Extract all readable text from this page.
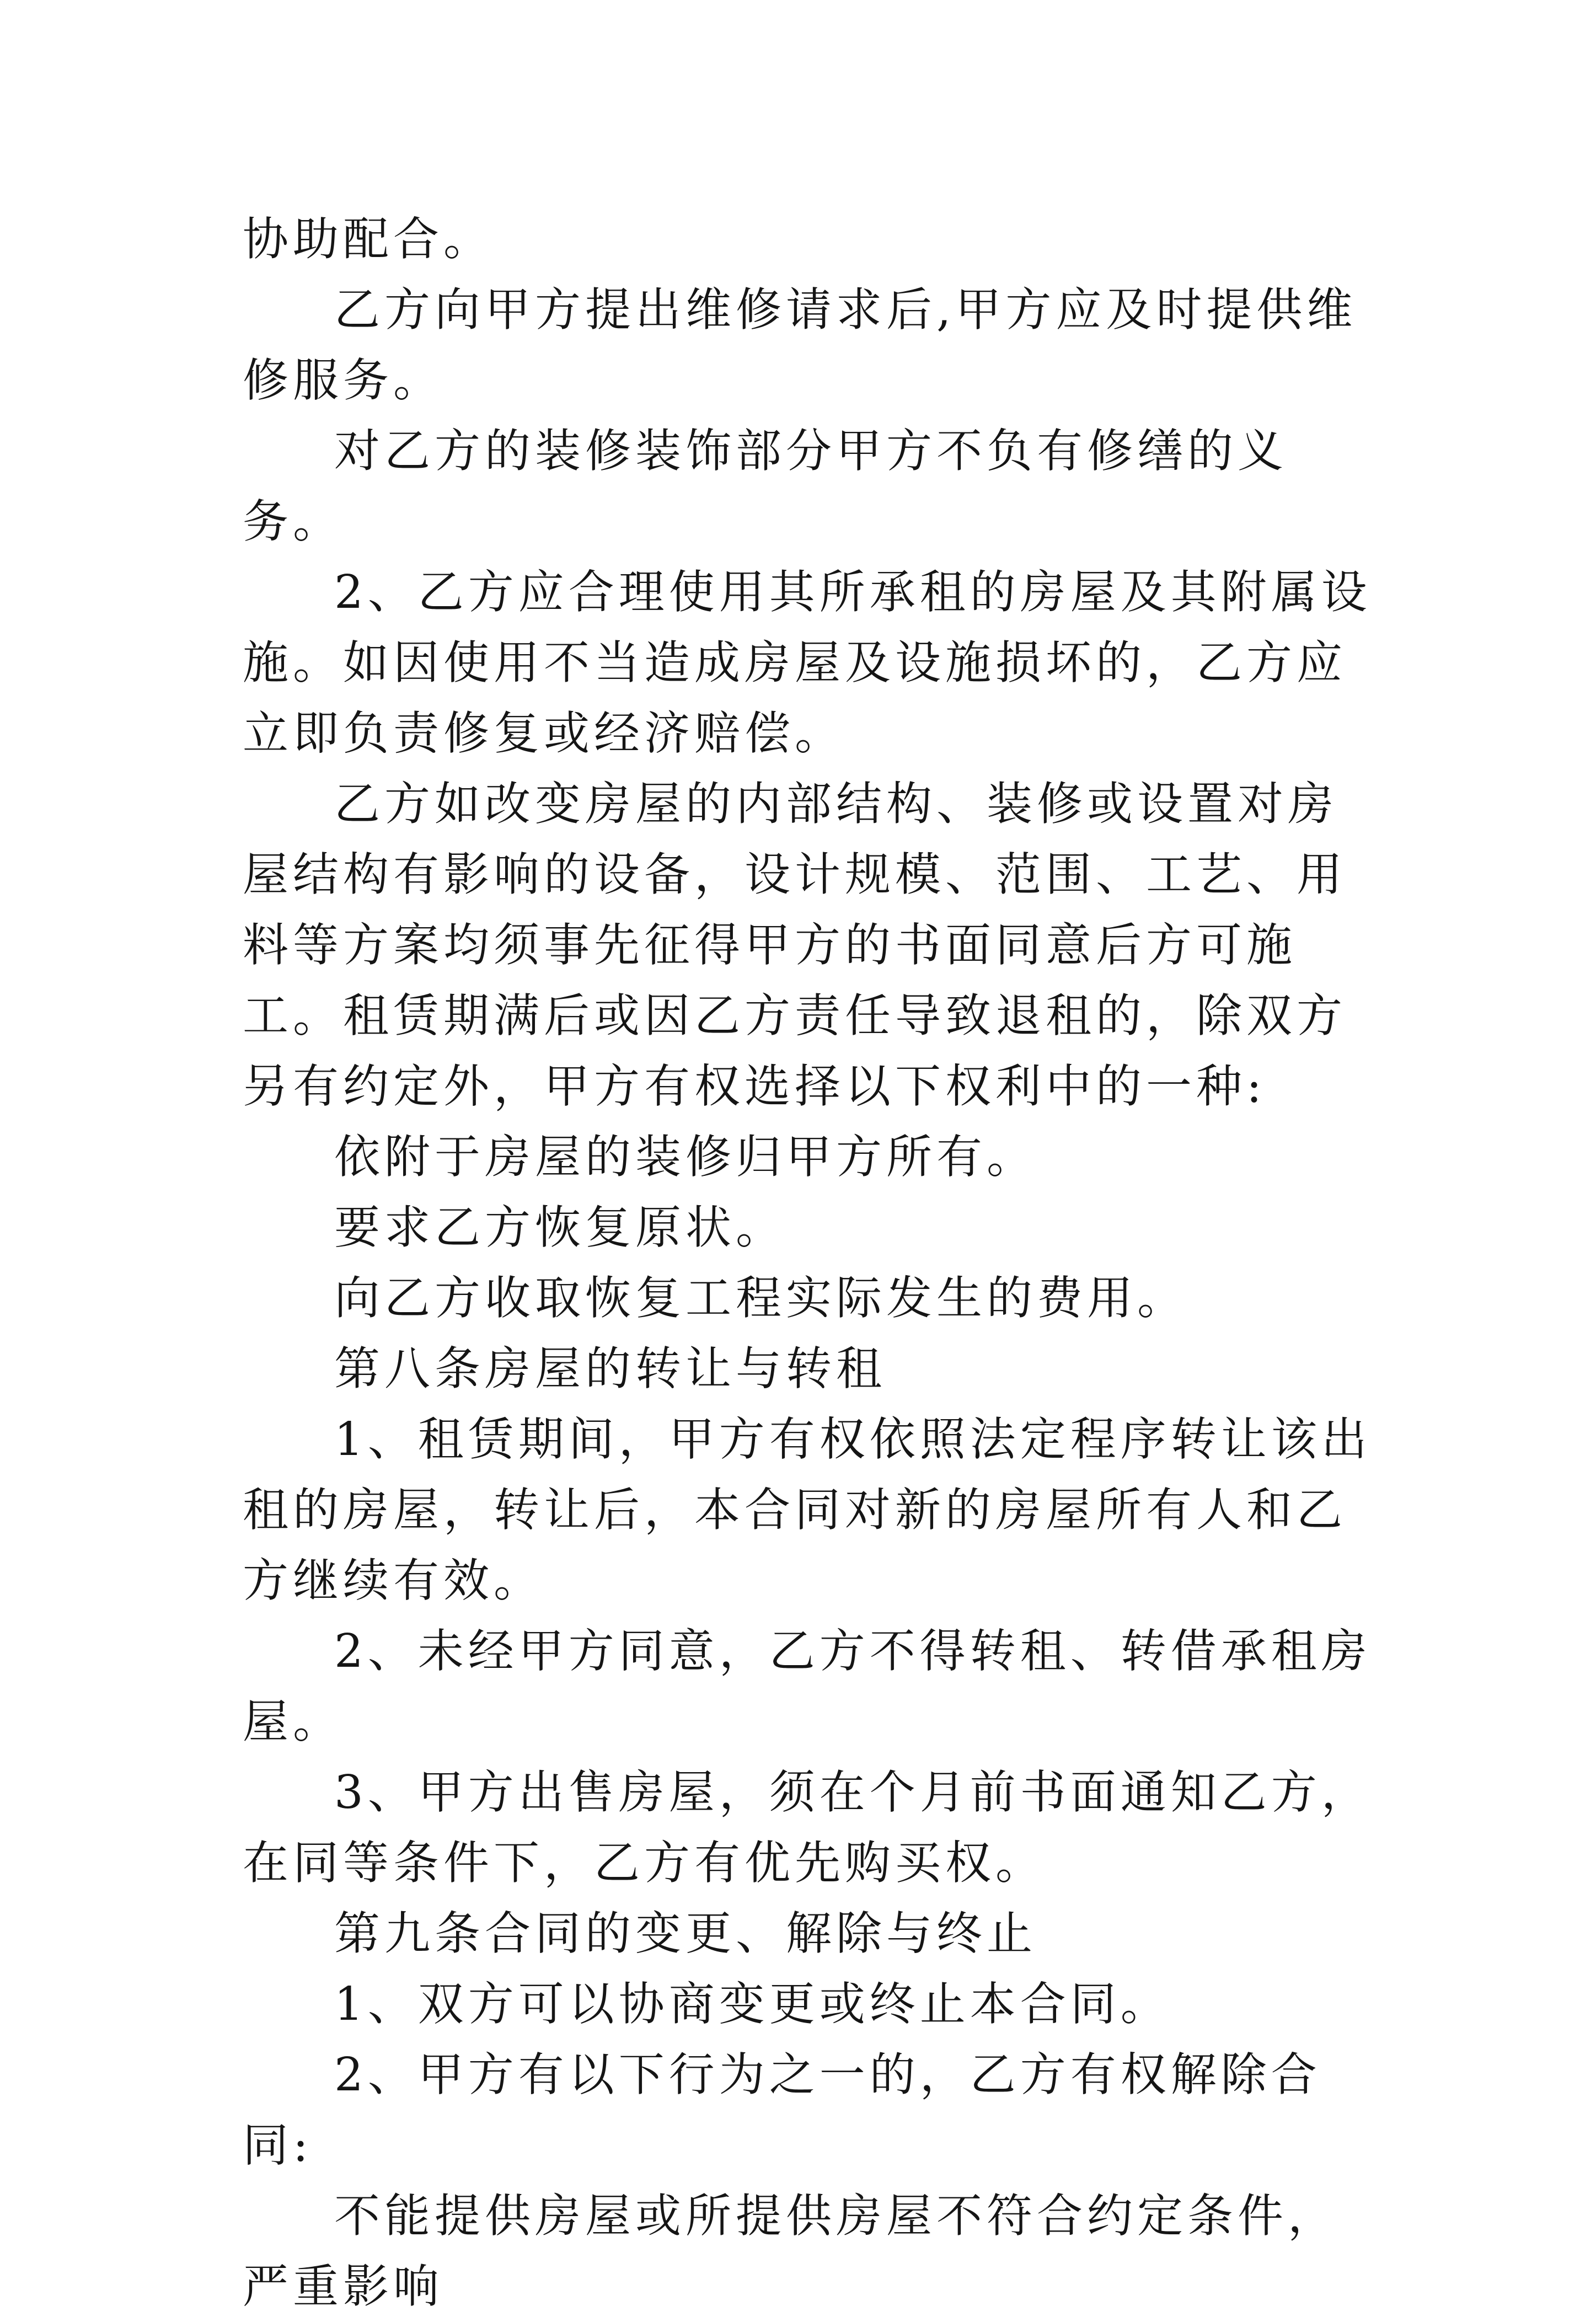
协助配合。

乙方向甲方提出维修请求后,甲方应及时提供维修服务。

对乙方的装修装饰部分甲方不负有修缮的义务。

2、乙方应合理使用其所承租的房屋及其附属设施。如因使用不当造成房屋及设施损坏的，乙方应立即负责修复或经济赔偿。

乙方如改变房屋的内部结构、装修或设置对房屋结构有影响的设备，设计规模、范围、工艺、用料等方案均须事先征得甲方的书面同意后方可施工。租赁期满后或因乙方责任导致退租的，除双方另有约定外，甲方有权选择以下权利中的一种:

依附于房屋的装修归甲方所有。

要求乙方恢复原状。

向乙方收取恢复工程实际发生的费用。

第八条房屋的转让与转租

1、租赁期间，甲方有权依照法定程序转让该出租的房屋，转让后，本合同对新的房屋所有人和乙方继续有效。

2、未经甲方同意，乙方不得转租、转借承租房屋。

3、甲方出售房屋，须在个月前书面通知乙方，在同等条件下，乙方有优先购买权。

第九条合同的变更、解除与终止

1、双方可以协商变更或终止本合同。

2、甲方有以下行为之一的，乙方有权解除合同:

不能提供房屋或所提供房屋不符合约定条件，严重影响
